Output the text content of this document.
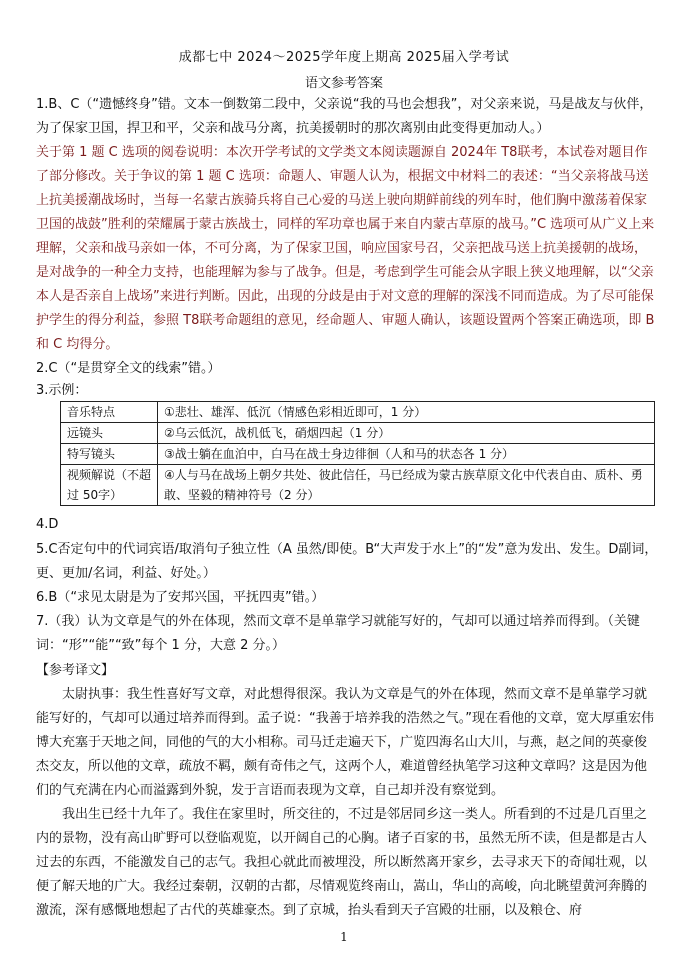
成都七中 2024～2025学年度上期高 2025届入学考试
语文参考答案
1.B、C（“遗憾终身”错。文本一倒数第二段中，父亲说“我的马也会想我”，对父亲来说，马是战友与伙伴，为了保家卫国，捍卫和平，父亲和战马分离，抗美援朝时的那次离别由此变得更加动人。）
关于第 1 题 C 选项的阅卷说明：本次开学考试的文学类文本阅读题源自 2024年 T8联考，本试卷对题目作了部分修改。关于争议的第 1 题 C 选项：命题人、审题人认为，根据文中材料二的表述：“当父亲将战马送上抗美援潮战场时，当每一名蒙古族骑兵将自己心爱的马送上驶向期鲜前线的列车时，他们胸中激荡着保家卫国的战鼓”胜利的荣耀属于蒙古族战士，同样的军功章也属于来自内蒙古草原的战马。”C 选项可从广义上来理解，父亲和战马亲如一体，不可分离，为了保家卫国，响应国家号召，父亲把战马送上抗美援朝的战场，是对战争的一种全力支持，也能理解为参与了战争。但是，考虑到学生可能会从字眼上狭义地理解，以“父亲本人是否亲自上战场”来进行判断。因此，出现的分歧是由于对文意的理解的深浅不同而造成。为了尽可能保护学生的得分利益，参照 T8联考命题组的意见，经命题人、审题人确认，该题设置两个答案正确选项，即 B 和 C 均得分。
2.C（“是贯穿全文的线索”错。）
3.示例：
音乐特点	①悲壮、雄浑、低沉（情感色彩相近即可，1 分）
远镜头	②乌云低沉，战机低飞，硝烟四起（1 分）
特写镜头	③战士躺在血泊中，白马在战士身边徘徊（人和马的状态各 1 分）
视频解说（不超过 50字）	④人与马在战场上朝夕共处、彼此信任，马已经成为蒙古族草原文化中代表自由、质朴、勇敢、坚毅的精神符号（2 分）
4.D
5.C否定句中的代词宾语/取消句子独立性（A 虽然/即使。B“大声发于水上”的“发”意为发出、发生。D副词，更、更加/名词，利益、好处。）
6.B（“求见太尉是为了安邦兴国，平抚四夷”错。）
7.（我）认为文章是气的外在体现，然而文章不是单靠学习就能写好的，气却可以通过培养而得到。（关键词：“形”“能”“致”每个 1 分，大意 2 分。）
【参考译文】
太尉执事：我生性喜好写文章，对此想得很深。我认为文章是气的外在体现，然而文章不是单靠学习就能写好的，气却可以通过培养而得到。孟子说：“我善于培养我的浩然之气。”现在看他的文章，宽大厚重宏伟博大充塞于天地之间，同他的气的大小相称。司马迁走遍天下，广览四海名山大川，与燕，赵之间的英豪俊杰交友，所以他的文章，疏放不羁，颇有奇伟之气，这两个人，难道曾经执笔学习这种文章吗？这是因为他们的气充满在内心而溢露到外貌，发于言语而表现为文章，自己却并没有察觉到。
我出生已经十九年了。我住在家里时，所交往的，不过是邻居同乡这一类人。所看到的不过是几百里之内的景物，没有高山旷野可以登临观览，以开阔自己的心胸。诸子百家的书，虽然无所不读，但是都是古人过去的东西，不能激发自己的志气。我担心就此而被埋没，所以断然离开家乡，去寻求天下的奇闻壮观，以便了解天地的广大。我经过秦朝，汉朝的古都，尽情观览终南山，嵩山，华山的高峻，向北眺望黄河奔腾的激流，深有感慨地想起了古代的英雄豪杰。到了京城，抬头看到天子宫殿的壮丽，以及粮仓、府
1
